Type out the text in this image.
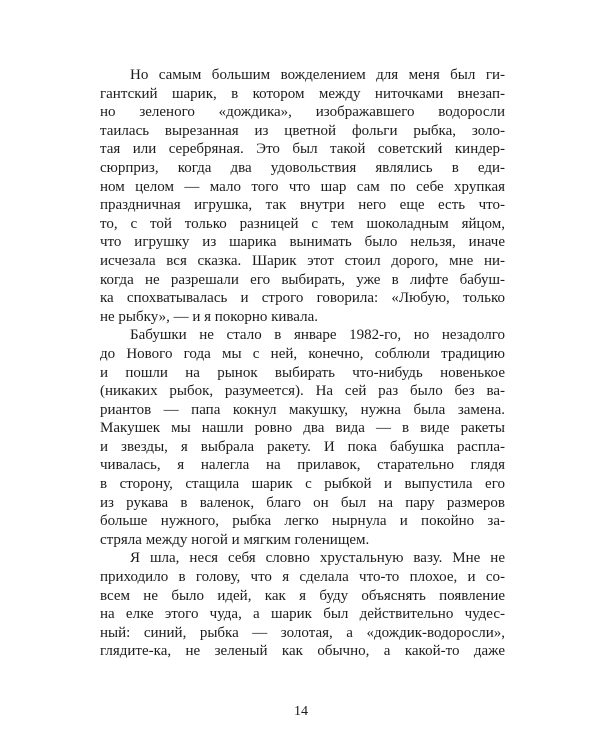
Но самым большим вожделением для меня был ги-
гантский шарик, в котором между ниточками внезап-
но зеленого «дождика», изображавшего водоросли
таилась вырезанная из цветной фольги рыбка, золо-
тая или серебряная. Это был такой советский киндер-
сюрприз, когда два удовольствия являлись в еди-
ном целом — мало того что шар сам по себе хрупкая
праздничная игрушка, так внутри него еще есть что-
то, с той только разницей с тем шоколадным яйцом,
что игрушку из шарика вынимать было нельзя, иначе
исчезала вся сказка. Шарик этот стоил дорого, мне ни-
когда не разрешали его выбирать, уже в лифте бабуш-
ка спохватывалась и строго говорила: «Любую, только
не рыбку», — и я покорно кивала.
Бабушки не стало в январе 1982-го, но незадолго
до Нового года мы с ней, конечно, соблюли традицию
и пошли на рынок выбирать что-нибудь новенькое
(никаких рыбок, разумеется). На сей раз было без ва-
риантов — папа кокнул макушку, нужна была замена.
Макушек мы нашли ровно два вида — в виде ракеты
и звезды, я выбрала ракету. И пока бабушка распла-
чивалась, я налегла на прилавок, старательно глядя
в сторону, стащила шарик с рыбкой и выпустила его
из рукава в валенок, благо он был на пару размеров
больше нужного, рыбка легко нырнула и покойно за-
стряла между ногой и мягким голенищем.
Я шла, неся себя словно хрустальную вазу. Мне не
приходило в голову, что я сделала что-то плохое, и со-
всем не было идей, как я буду объяснять появление
на елке этого чуда, а шарик был действительно чудес-
ный: синий, рыбка — золотая, а «дождик-водоросли»,
глядите-ка, не зеленый как обычно, а какой-то даже
14
